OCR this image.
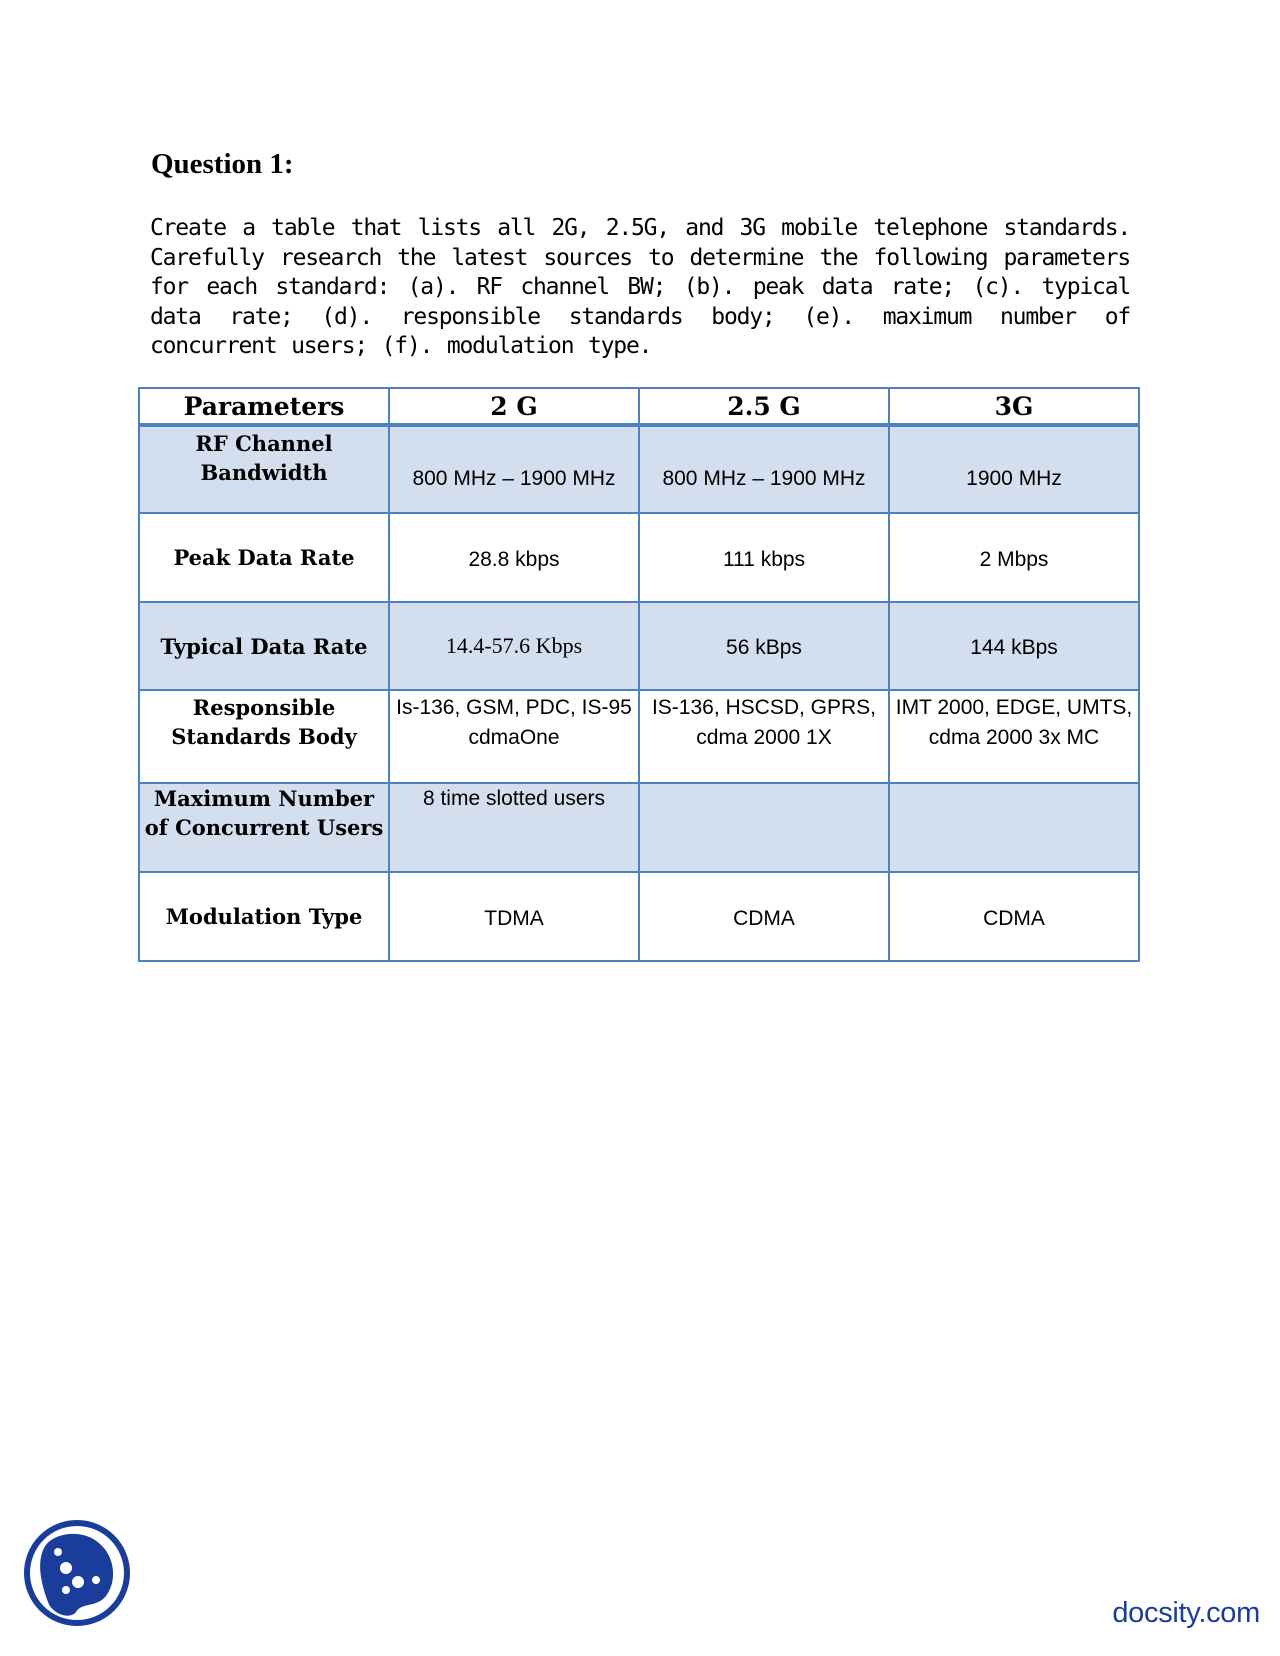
Question 1:

Create a table that lists all 2G, 2.5G, and 3G mobile telephone standards. Carefully research the latest sources to determine the following parameters for each standard: (a). RF channel BW; (b). peak data rate; (c). typical data rate; (d). responsible standards body; (e). maximum number of concurrent users; (f). modulation type.

Parameters	2 G	2.5 G	3G
RF Channel Bandwidth	800 MHz – 1900 MHz	800 MHz – 1900 MHz	1900 MHz
Peak Data Rate	28.8 kbps	111 kbps	2 Mbps
Typical Data Rate	14.4-57.6 Kbps	56 kBps	144 kBps
Responsible Standards Body	Is-136, GSM, PDC, IS-95 cdmaOne	IS-136, HSCSD, GPRS, cdma 2000 1X	IMT 2000, EDGE, UMTS, cdma 2000 3x MC
Maximum Number of Concurrent Users	8 time slotted users		
Modulation Type	TDMA	CDMA	CDMA
docsity.com
